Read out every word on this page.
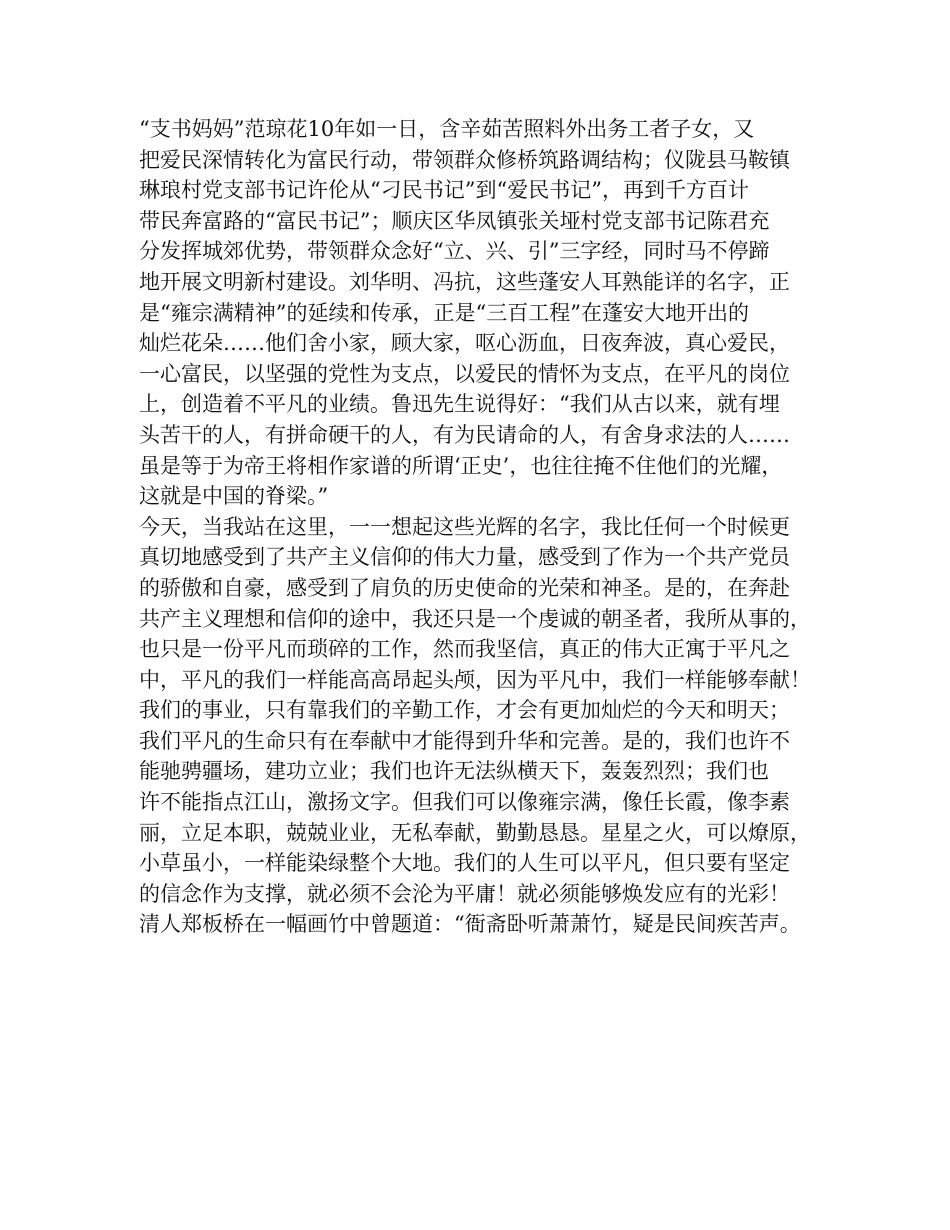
“支书妈妈”范琼花10年如一日，含辛茹苦照料外出务工者子女，又
把爱民深情转化为富民行动，带领群众修桥筑路调结构；仪陇县马鞍镇
琳琅村党支部书记许伦从“刁民书记”到“爱民书记”，再到千方百计
带民奔富路的“富民书记”；顺庆区华凤镇张关垭村党支部书记陈君充
分发挥城郊优势，带领群众念好“立、兴、引”三字经，同时马不停蹄
地开展文明新村建设。刘华明、冯抗，这些蓬安人耳熟能详的名字，正
是“雍宗满精神”的延续和传承，正是“三百工程”在蓬安大地开出的
灿烂花朵……他们舍小家，顾大家，呕心沥血，日夜奔波，真心爱民，
一心富民，以坚强的党性为支点，以爱民的情怀为支点，在平凡的岗位
上，创造着不平凡的业绩。鲁迅先生说得好：“我们从古以来，就有埋
头苦干的人，有拼命硬干的人，有为民请命的人，有舍身求法的人……
虽是等于为帝王将相作家谱的所谓‘正史’，也往往掩不住他们的光耀，
这就是中国的脊梁。”
今天，当我站在这里，一一想起这些光辉的名字，我比任何一个时候更
真切地感受到了共产主义信仰的伟大力量，感受到了作为一个共产党员
的骄傲和自豪，感受到了肩负的历史使命的光荣和神圣。是的，在奔赴
共产主义理想和信仰的途中，我还只是一个虔诚的朝圣者，我所从事的，
也只是一份平凡而琐碎的工作，然而我坚信，真正的伟大正寓于平凡之
中，平凡的我们一样能高高昂起头颅，因为平凡中，我们一样能够奉献！
我们的事业，只有靠我们的辛勤工作，才会有更加灿烂的今天和明天；
我们平凡的生命只有在奉献中才能得到升华和完善。是的，我们也许不
能驰骋疆场，建功立业；我们也许无法纵横天下，轰轰烈烈；我们也
许不能指点江山，激扬文字。但我们可以像雍宗满，像任长霞，像李素
丽，立足本职，兢兢业业，无私奉献，勤勤恳恳。星星之火，可以燎原，
小草虽小，一样能染绿整个大地。我们的人生可以平凡，但只要有坚定
的信念作为支撑，就必须不会沦为平庸！就必须能够焕发应有的光彩！
清人郑板桥在一幅画竹中曾题道：“衙斋卧听萧萧竹，疑是民间疾苦声。
